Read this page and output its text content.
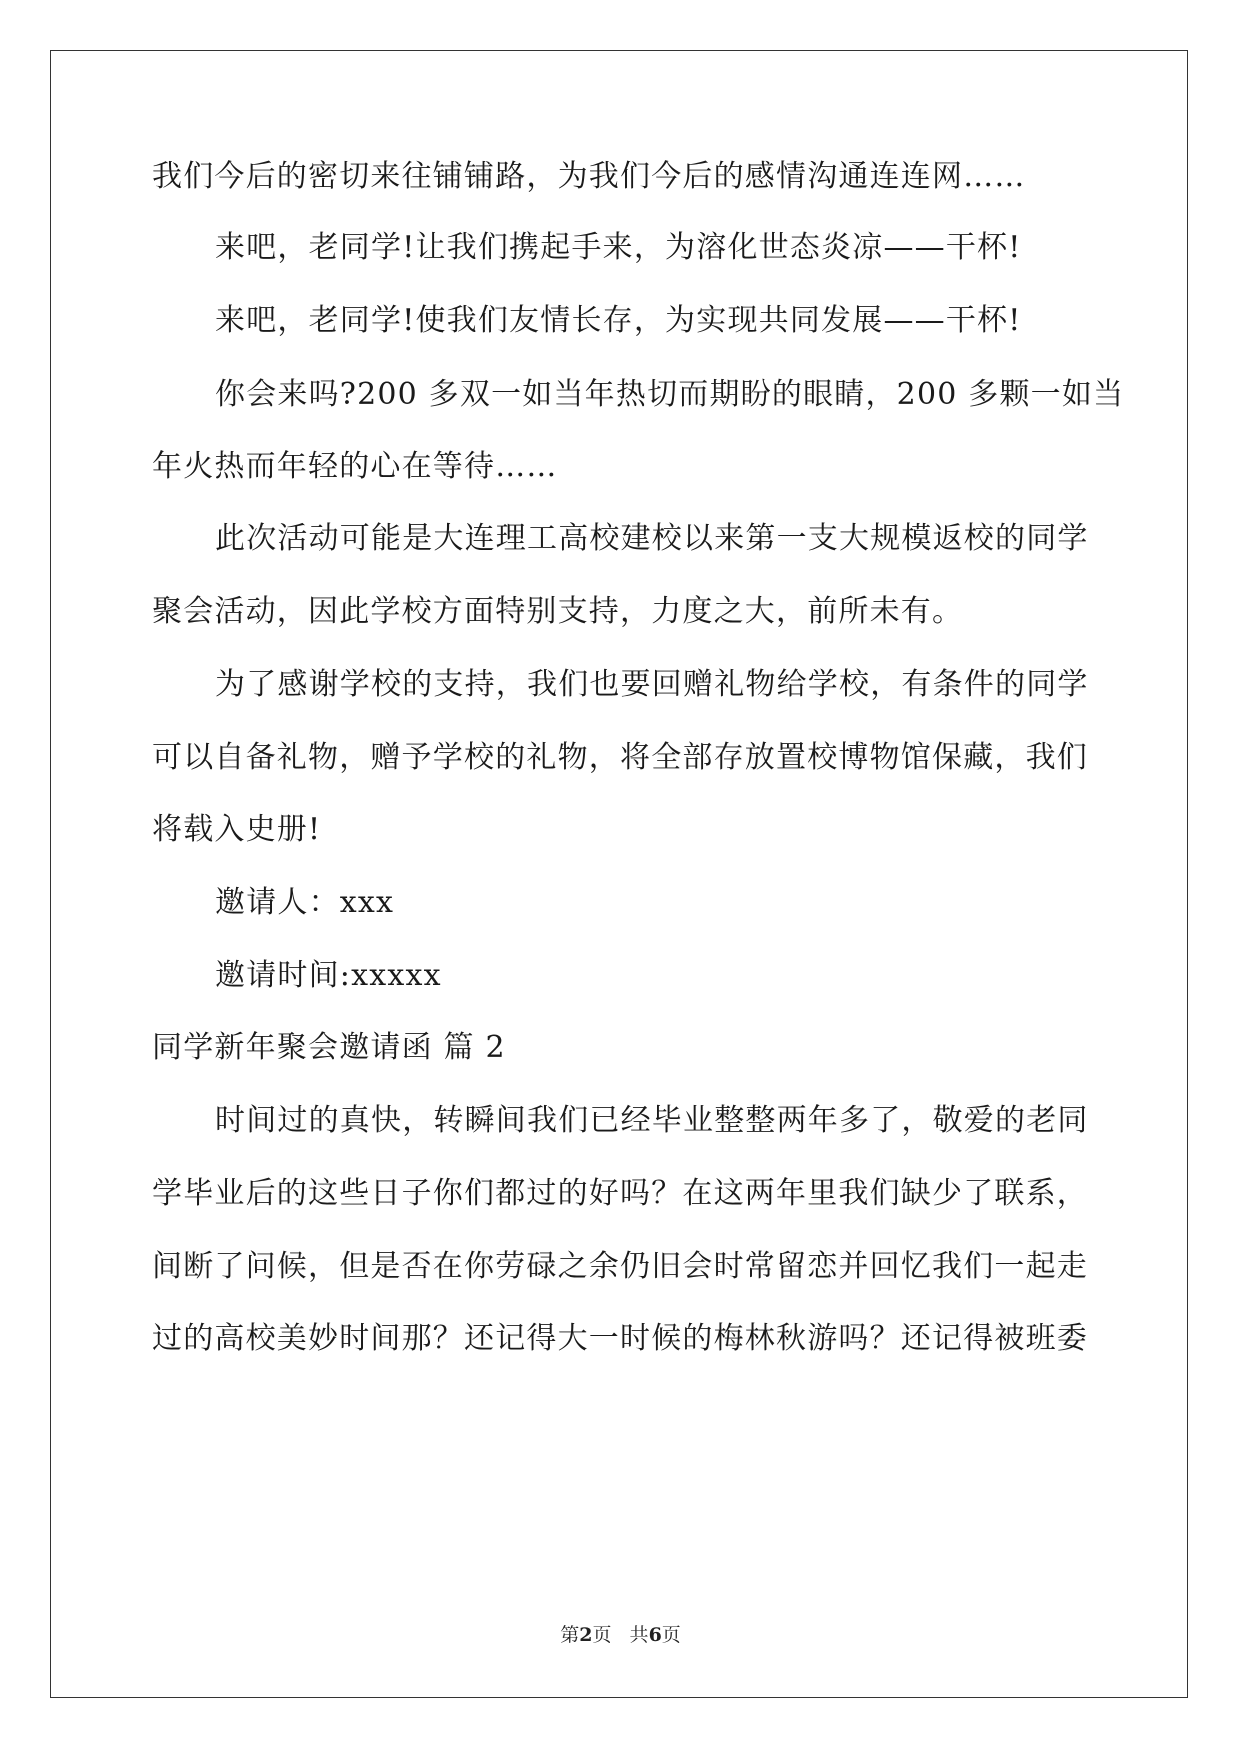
我们今后的密切来往铺铺路，为我们今后的感情沟通连连网……
来吧，老同学!让我们携起手来，为溶化世态炎凉——干杯!
来吧，老同学!使我们友情长存，为实现共同发展——干杯!
你会来吗?200 多双一如当年热切而期盼的眼睛，200 多颗一如当
年火热而年轻的心在等待……
此次活动可能是大连理工高校建校以来第一支大规模返校的同学
聚会活动，因此学校方面特别支持，力度之大，前所未有。
为了感谢学校的支持，我们也要回赠礼物给学校，有条件的同学
可以自备礼物，赠予学校的礼物，将全部存放置校博物馆保藏，我们
将载入史册!
邀请人：xxx
邀请时间:xxxxx
同学新年聚会邀请函 篇 2
时间过的真快，转瞬间我们已经毕业整整两年多了，敬爱的老同
学毕业后的这些日子你们都过的好吗？在这两年里我们缺少了联系，
间断了问候，但是否在你劳碌之余仍旧会时常留恋并回忆我们一起走
过的高校美妙时间那？还记得大一时候的梅林秋游吗？还记得被班委
第2页   共6页
